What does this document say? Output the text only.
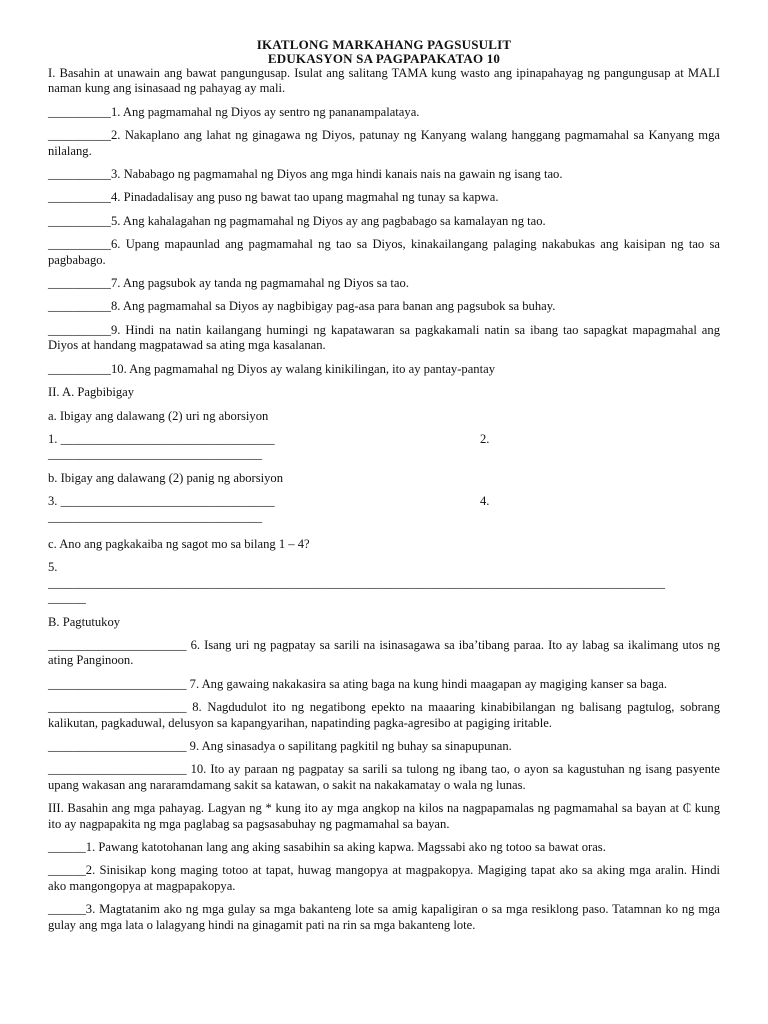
IKATLONG MARKAHANG PAGSUSULIT
EDUKASYON SA PAGPAPAKATAO 10

I. Basahin at unawain ang bawat pangungusap. Isulat ang salitang TAMA kung wasto ang ipinapahayag ng pangungusap at MALI naman kung ang isinasaad ng pahayag ay mali.

__________1. Ang pagmamahal ng Diyos ay sentro ng pananampalataya.

__________2. Nakaplano ang lahat ng ginagawa ng Diyos, patunay ng Kanyang walang hanggang pagmamahal sa Kanyang mga nilalang.

__________3. Nababago ng pagmamahal ng Diyos ang mga hindi kanais nais na gawain ng isang tao.

__________4. Pinadadalisay ang puso ng bawat tao upang magmahal ng tunay sa kapwa.

__________5. Ang kahalagahan ng pagmamahal ng Diyos ay ang pagbabago sa kamalayan ng tao.

__________6. Upang mapaunlad ang pagmamahal ng tao sa Diyos, kinakailangang palaging nakabukas ang kaisipan ng tao sa pagbabago.

__________7. Ang pagsubok ay tanda ng pagmamahal ng Diyos sa tao.

__________8. Ang pagmamahal sa Diyos ay nagbibigay pag-asa para banan ang pagsubok sa buhay.

__________9. Hindi na natin kailangang humingi ng kapatawaran sa pagkakamali natin sa ibang tao sapagkat mapagmahal ang Diyos at handang magpatawad sa ating mga kasalanan.

__________10. Ang pagmamahal ng Diyos ay walang kinikilingan, ito ay pantay-pantay

II. A. Pagbibigay

a. Ibigay ang dalawang (2) uri ng aborsiyon

1. __________________________________	2.
__________________________________

b. Ibigay ang dalawang (2) panig ng aborsiyon

3. __________________________________	4.
__________________________________

c. Ano ang pagkakaiba ng sagot mo sa bilang 1 – 4?

5.

__________________________________________________________________________________________________
______

B. Pagtutukoy

______________________ 6. Isang uri ng pagpatay sa sarili na isinasagawa sa iba’tibang paraa. Ito ay labag sa ikalimang utos ng ating Panginoon.

______________________ 7. Ang gawaing nakakasira sa ating baga na kung hindi maagapan ay magiging kanser sa baga.

______________________ 8. Nagdudulot ito ng negatibong epekto na maaaring kinabibilangan ng balisang pagtulog, sobrang kalikutan, pagkaduwal, delusyon sa kapangyarihan, napatinding pagka-agresibo at pagiging iritable.

______________________ 9. Ang sinasadya o sapilitang pagkitil ng buhay sa sinapupunan.

______________________ 10. Ito ay paraan ng pagpatay sa sarili sa tulong ng ibang tao, o ayon sa kagustuhan ng isang pasyente upang wakasan ang nararamdamang sakit sa katawan, o sakit na nakakamatay o wala ng lunas.

III. Basahin ang mga pahayag. Lagyan ng * kung ito ay mga angkop na kilos na nagpapamalas ng pagmamahal sa bayan at ₵ kung ito ay nagpapakita ng mga paglabag sa pagsasabuhay ng pagmamahal sa bayan.

______1. Pawang katotohanan lang ang aking sasabihin sa aking kapwa. Magssabi ako ng totoo sa bawat oras.

______2. Sinisikap kong maging totoo at tapat, huwag mangopya at magpakopya. Magiging tapat ako sa aking mga aralin. Hindi ako mangongopya at magpapakopya.

______3. Magtatanim ako ng mga gulay sa mga bakanteng lote sa amig kapaligiran o sa mga resiklong paso. Tatamnan ko ng mga gulay ang mga lata o lalagyang hindi na ginagamit pati na rin sa mga bakanteng lote.
